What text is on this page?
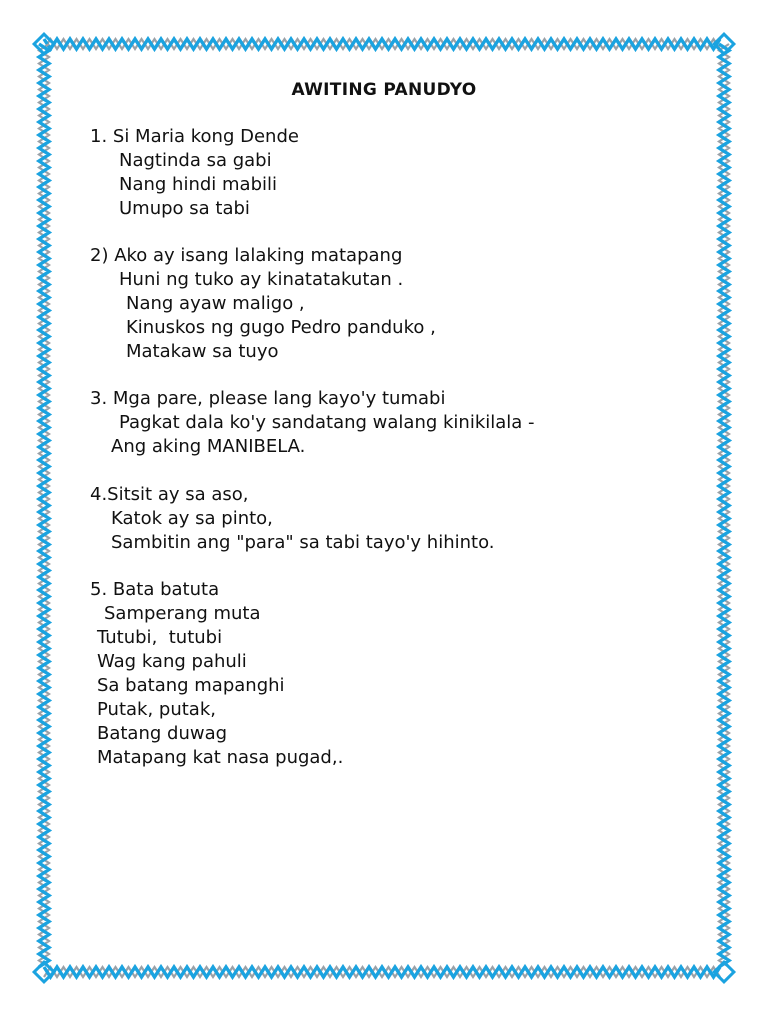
AWITING PANUDYO
1. Si Maria kong Dende
Nagtinda sa gabi
Nang hindi mabili
Umupo sa tabi
2) Ako ay isang lalaking matapang
Huni ng tuko ay kinatatakutan .
Nang ayaw maligo ,
Kinuskos ng gugo Pedro panduko ,
Matakaw sa tuyo
3. Mga pare, please lang kayo'y tumabi
Pagkat dala ko'y sandatang walang kinikilala -
Ang aking MANIBELA.
4.Sitsit ay sa aso,
Katok ay sa pinto,
Sambitin ang "para" sa tabi tayo'y hihinto.
5. Bata batuta
Samperang muta
Tutubi,  tutubi
Wag kang pahuli
Sa batang mapanghi
Putak, putak,
Batang duwag
Matapang kat nasa pugad,.
